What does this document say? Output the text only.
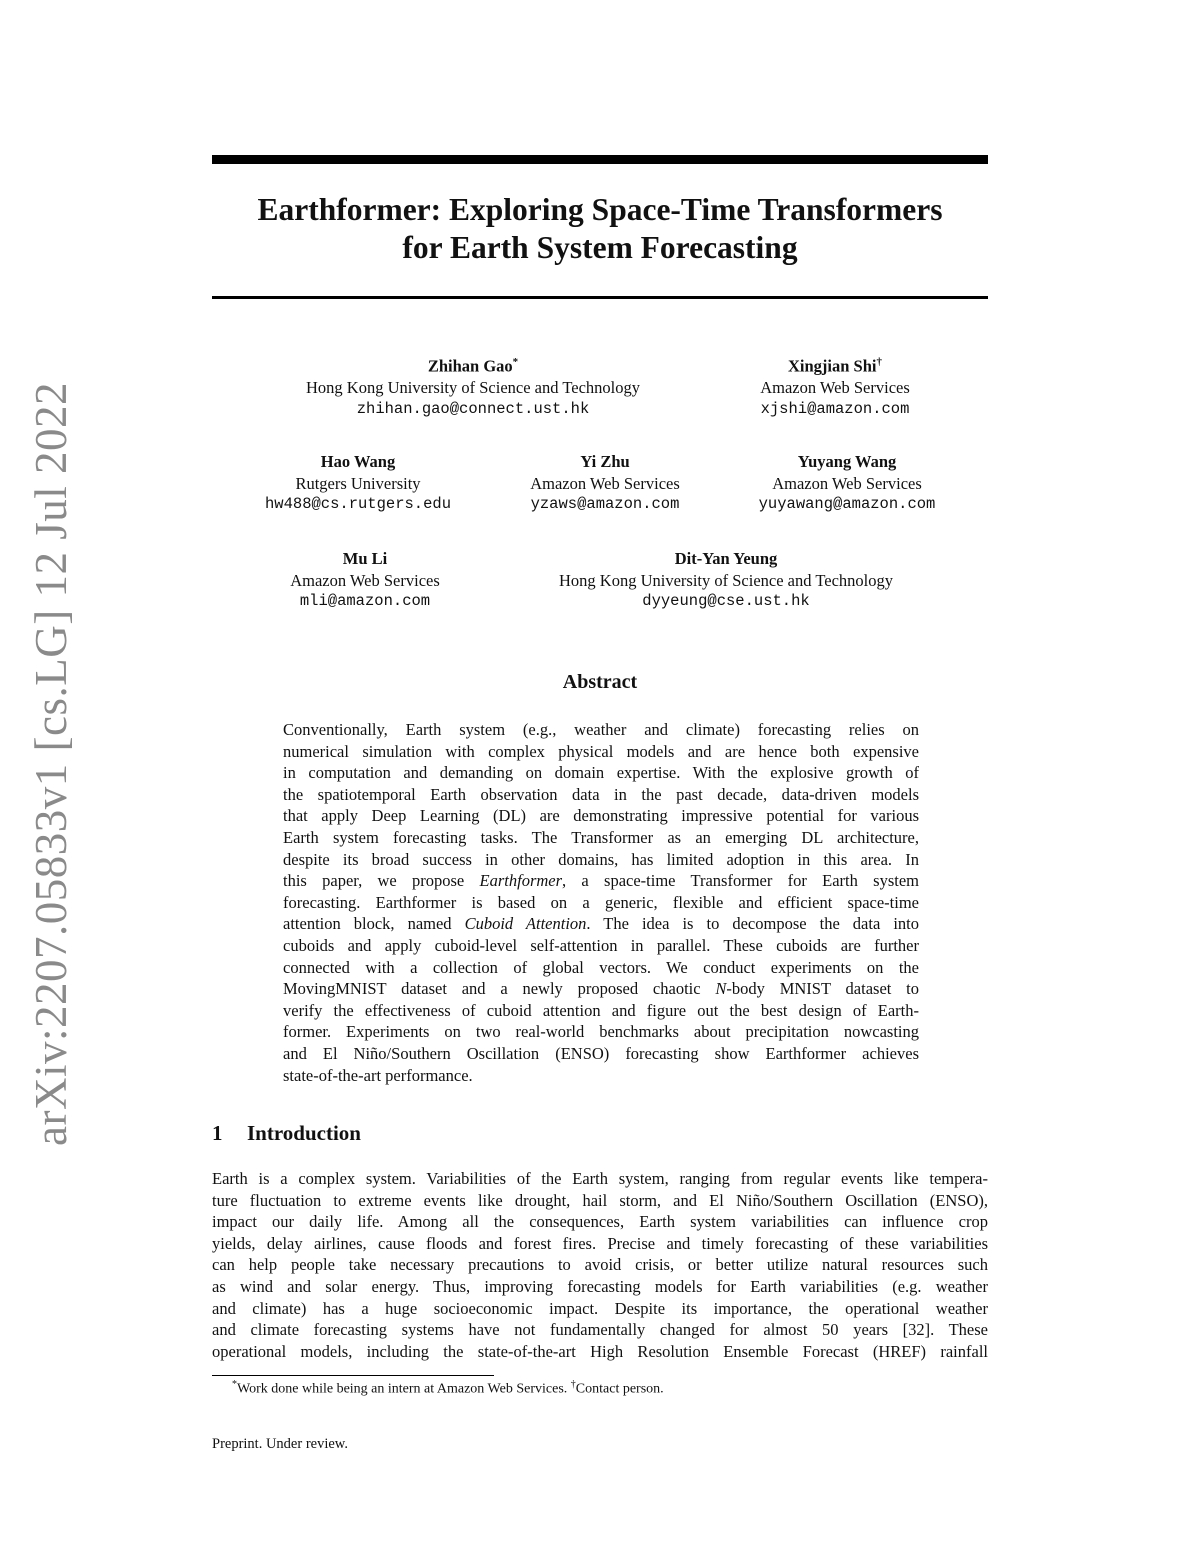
arXiv:2207.05833v1 [cs.LG] 12 Jul 2022
Earthformer: Exploring Space-Time Transformers
for Earth System Forecasting
Zhihan Gao*
Hong Kong University of Science and Technology
zhihan.gao@connect.ust.hk
Xingjian Shi†
Amazon Web Services
xjshi@amazon.com
Hao Wang
Rutgers University
hw488@cs.rutgers.edu
Yi Zhu
Amazon Web Services
yzaws@amazon.com
Yuyang Wang
Amazon Web Services
yuyawang@amazon.com
Mu Li
Amazon Web Services
mli@amazon.com
Dit-Yan Yeung
Hong Kong University of Science and Technology
dyyeung@cse.ust.hk
Abstract
Conventionally, Earth system (e.g., weather and climate) forecasting relies on
numerical simulation with complex physical models and are hence both expensive
in computation and demanding on domain expertise. With the explosive growth of
the spatiotemporal Earth observation data in the past decade, data-driven models
that apply Deep Learning (DL) are demonstrating impressive potential for various
Earth system forecasting tasks. The Transformer as an emerging DL architecture,
despite its broad success in other domains, has limited adoption in this area. In
this paper, we propose Earthformer, a space-time Transformer for Earth system
forecasting. Earthformer is based on a generic, flexible and efficient space-time
attention block, named Cuboid Attention. The idea is to decompose the data into
cuboids and apply cuboid-level self-attention in parallel. These cuboids are further
connected with a collection of global vectors. We conduct experiments on the
MovingMNIST dataset and a newly proposed chaotic N-body MNIST dataset to
verify the effectiveness of cuboid attention and figure out the best design of Earth-
former. Experiments on two real-world benchmarks about precipitation nowcasting
and El Niño/Southern Oscillation (ENSO) forecasting show Earthformer achieves
state-of-the-art performance.
1 Introduction
Earth is a complex system. Variabilities of the Earth system, ranging from regular events like tempera-
ture fluctuation to extreme events like drought, hail storm, and El Niño/Southern Oscillation (ENSO),
impact our daily life. Among all the consequences, Earth system variabilities can influence crop
yields, delay airlines, cause floods and forest fires. Precise and timely forecasting of these variabilities
can help people take necessary precautions to avoid crisis, or better utilize natural resources such
as wind and solar energy. Thus, improving forecasting models for Earth variabilities (e.g. weather
and climate) has a huge socioeconomic impact. Despite its importance, the operational weather
and climate forecasting systems have not fundamentally changed for almost 50 years [32]. These
operational models, including the state-of-the-art High Resolution Ensemble Forecast (HREF) rainfall
*Work done while being an intern at Amazon Web Services. †Contact person.
Preprint. Under review.
